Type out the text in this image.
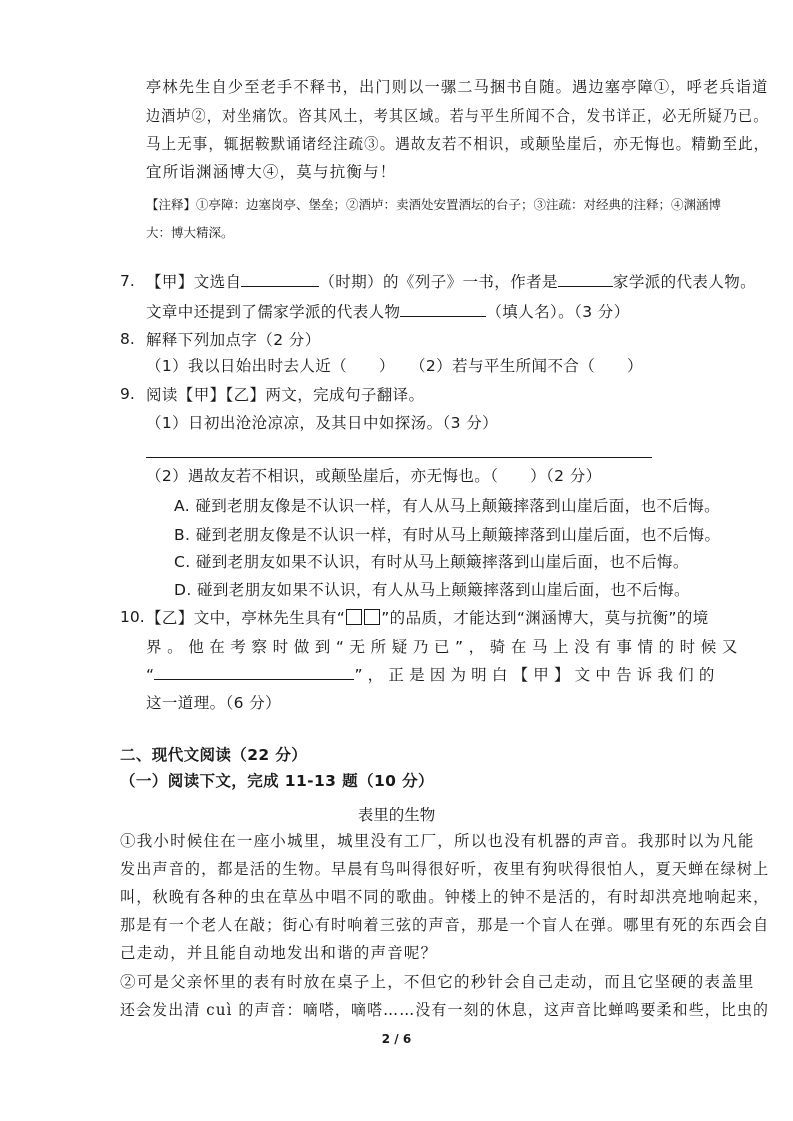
亭林先生自少至老手不释书，出门则以一骡二马捆书自随。遇边塞亭障①，呼老兵诣道
边酒垆②，对坐痛饮。咨其风土，考其区域。若与平生所闻不合，发书详正，必无所疑乃已。
马上无事，辄据鞍默诵诸经注疏③。遇故友若不相识，或颠坠崖后，亦无悔也。精勤至此，
宜所诣渊涵博大④，莫与抗衡与！
【注释】①亭障：边塞岗亭、堡垒；②酒垆：卖酒处安置酒坛的台子；③注疏：对经典的注释；④渊涵博
大：博大精深。
7. 【甲】文选自	（时期）的《列子》一书，作者是	家学派的代表人物。
文章中还提到了儒家学派的代表人物	（填人名）。（3 分）
8. 解释下列加点字（2 分）
（1）我以日始出时去人近（　　） （2）若与平生所闻不合（　　）
9. 阅读【甲】【乙】两文，完成句子翻译。
（1）日初出沧沧凉凉，及其日中如探汤。（3 分）
（2）遇故友若不相识，或颠坠崖后，亦无悔也。（　　）（2 分）
A. 碰到老朋友像是不认识一样，有人从马上颠簸摔落到山崖后面，也不后悔。
B. 碰到老朋友像是不认识一样，有时从马上颠簸摔落到山崖后面，也不后悔。
C. 碰到老朋友如果不认识，有时从马上颠簸摔落到山崖后面，也不后悔。
D. 碰到老朋友如果不认识，有人从马上颠簸摔落到山崖后面，也不后悔。
10. 【乙】文中，亭林先生具有“ ”的品质，才能达到“渊涵博大，莫与抗衡”的境
界。他在考察时做到“无所疑乃已”，骑在马上没有事情的时候又
“	”，正是因为明白【甲】文中告诉我们的
这一道理。（6 分）
二、现代文阅读（22 分）
（一）阅读下文，完成 11-13 题（10 分）
表里的生物
①我小时候住在一座小城里，城里没有工厂，所以也没有机器的声音。我那时以为凡能
发出声音的，都是活的生物。早晨有鸟叫得很好听，夜里有狗吠得很怕人，夏天蝉在绿树上
叫，秋晚有各种的虫在草丛中唱不同的歌曲。钟楼上的钟不是活的，有时却洪亮地响起来，
那是有一个老人在敲；街心有时响着三弦的声音，那是一个盲人在弹。哪里有死的东西会自
己走动，并且能自动地发出和谐的声音呢？
②可是父亲怀里的表有时放在桌子上，不但它的秒针会自己走动，而且它坚硬的表盖里
还会发出清 cuì 的声音：嘀嗒，嘀嗒……没有一刻的休息，这声音比蝉鸣要柔和些，比虫的
2 / 6
